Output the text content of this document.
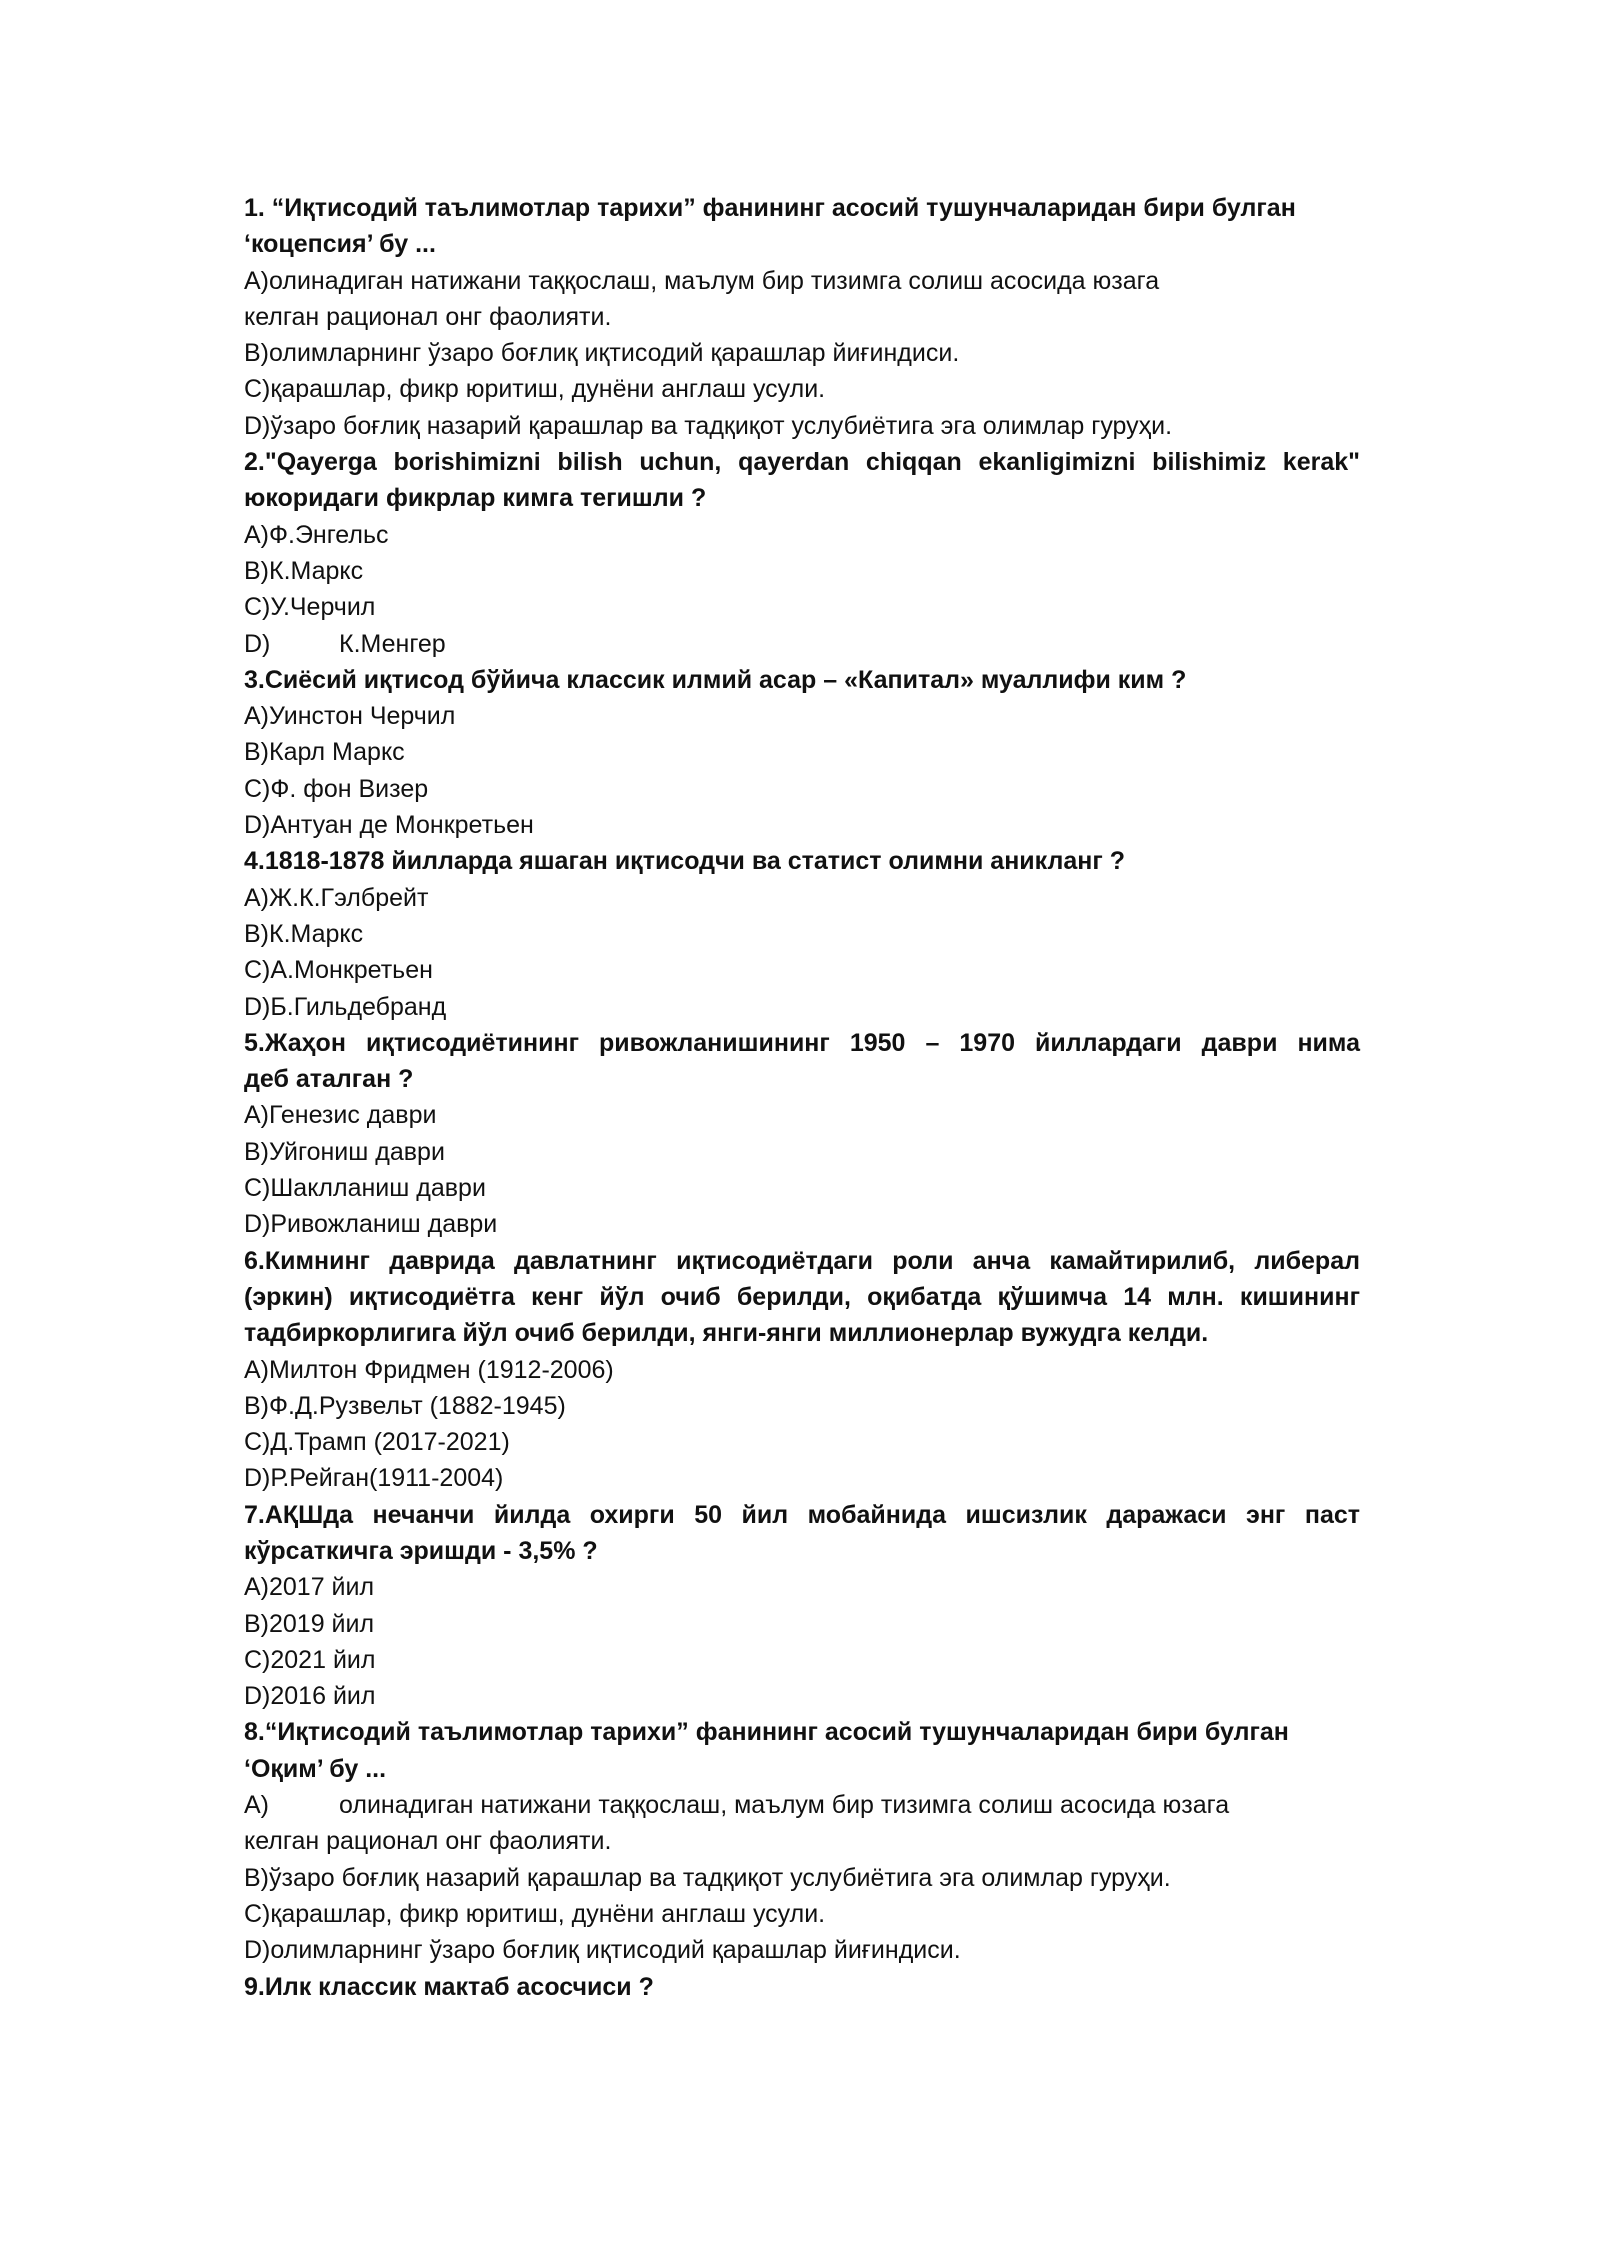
1. “Иқтисодий таълимотлар тарихи” фанининг асосий тушунчаларидан бири булган
‘коцепсия’ бу ...
A)олинадиган натижани таққослаш, маълум бир тизимга солиш асосида юзага
келган рационал онг фаолияти.
B)олимларнинг ўзаро боғлиқ иқтисодий қарашлар йиғиндиси.
C)қарашлар, фикр юритиш, дунёни англаш усули.
D)ўзаро боғлиқ назарий қарашлар ва тадқиқот услубиётига эга олимлар гуруҳи.
2."Qayerga borishimizni bilish uchun, qayerdan chiqqan ekanligimizni bilishimiz kerak"
юкоридаги фикрлар кимга тегишли ?
A)Ф.Энгельс
B)К.Маркс
C)У.Черчил
D)	К.Менгер
3.Сиёсий иқтисод бўйича классик илмий асар – «Капитал» муаллифи ким ?
A)Уинстон Черчил
B)Карл Маркс
C)Ф. фон Визер
D)Антуан де Монкретьен
4.1818-1878 йилларда яшаган иқтисодчи ва статист олимни аникланг ?
A)Ж.К.Гэлбрейт
B)К.Маркс
C)А.Монкретьен
D)Б.Гильдебранд
5.Жаҳон иқтисодиётининг ривожланишининг 1950 – 1970 йиллардаги даври нима
деб аталган ?
A)Генезис даври
B)Уйгониш даври
C)Шаклланиш даври
D)Ривожланиш даври
6.Кимнинг даврида давлатнинг иқтисодиётдаги роли анча камайтирилиб, либерал
(эркин) иқтисодиётга кенг йўл очиб берилди, оқибатда қўшимча 14 млн. кишининг
тадбиркорлигига йўл очиб берилди, янги-янги миллионерлар вужудга келди.
A)Милтон Фридмен (1912-2006)
B)Ф.Д.Рузвельт (1882-1945)
C)Д.Трамп (2017-2021)
D)Р.Рейган(1911-2004)
7.АҚШда нечанчи йилда охирги 50 йил мобайнида ишсизлик даражаси энг паст
кўрсаткичга эришди - 3,5% ?
A)2017 йил
B)2019 йил
C)2021 йил
D)2016 йил
8.“Иқтисодий таълимотлар тарихи” фанининг асосий тушунчаларидан бири булган
‘Оқим’ бу ...
A)	олинадиган натижани таққослаш, маълум бир тизимга солиш асосида юзага
келган рационал онг фаолияти.
B)ўзаро боғлиқ назарий қарашлар ва тадқиқот услубиётига эга олимлар гуруҳи.
C)қарашлар, фикр юритиш, дунёни англаш усули.
D)олимларнинг ўзаро боғлиқ иқтисодий қарашлар йиғиндиси.
9.Илк классик мактаб асосчиси ?
